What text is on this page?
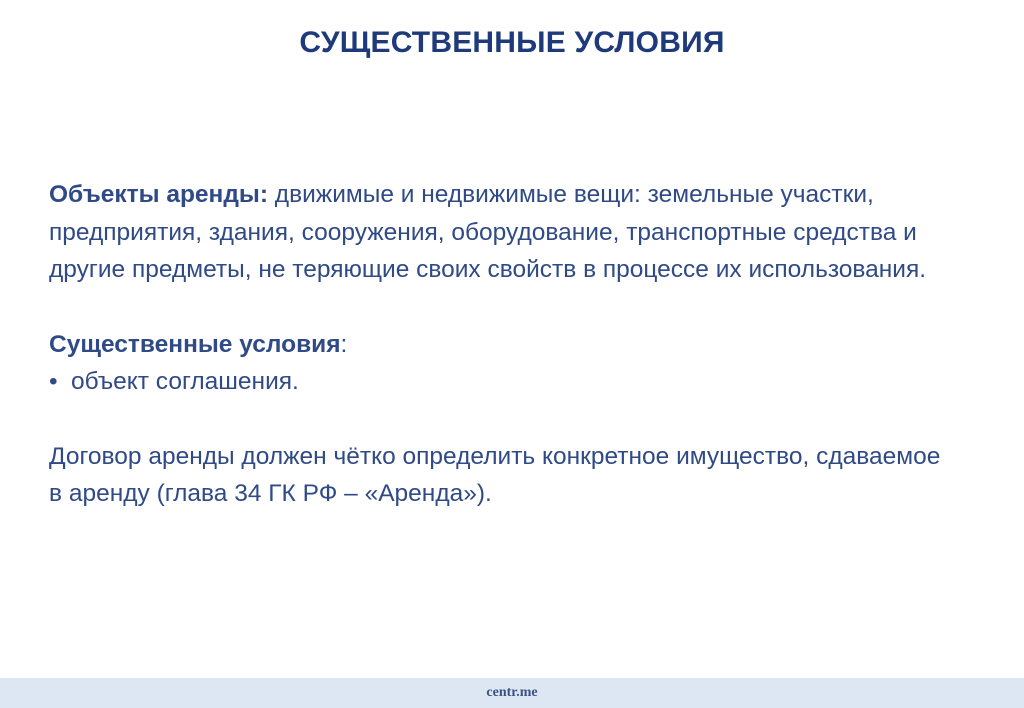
СУЩЕСТВЕННЫЕ УСЛОВИЯ

Объекты аренды: движимые и недвижимые вещи: земельные участки, предприятия, здания, сооружения, оборудование, транспортные средства и другие предметы, не теряющие своих свойств в процессе их использования.

Существенные условия:

• объект соглашения.

Договор аренды должен чётко определить конкретное имущество, сдаваемое в аренду (глава 34 ГК РФ – «Аренда»).

centr.me
